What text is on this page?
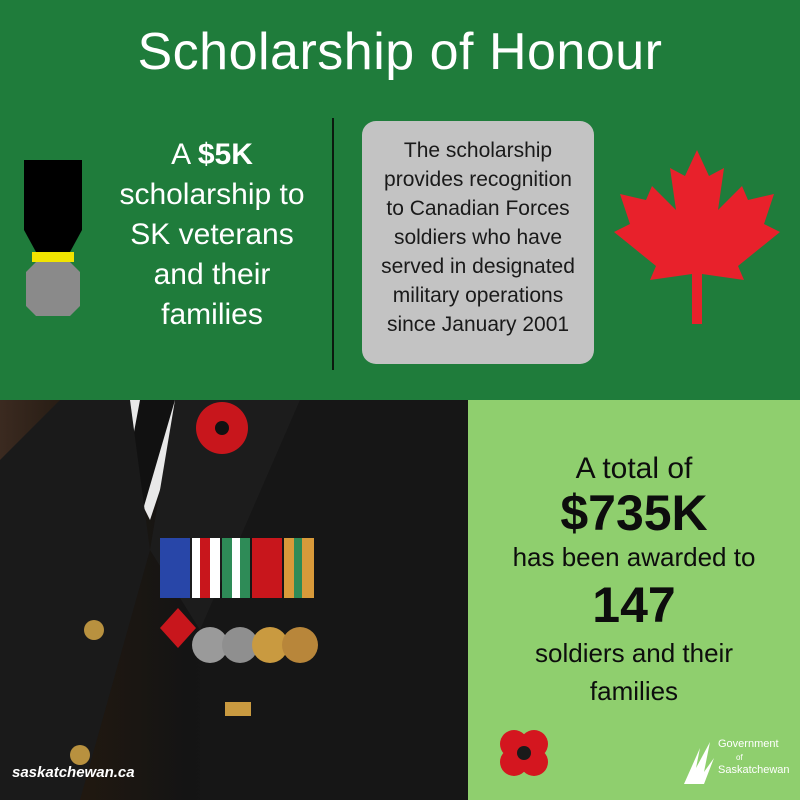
Scholarship of Honour
A $5K
scholarship to
SK veterans
and their
families
The scholarship
provides recognition
to Canadian Forces
soldiers who have
served in designated
military operations
since January 2001
saskatchewan.ca
A total of
$735K
has been awarded to
147
soldiers and their
families
Government
of
Saskatchewan
